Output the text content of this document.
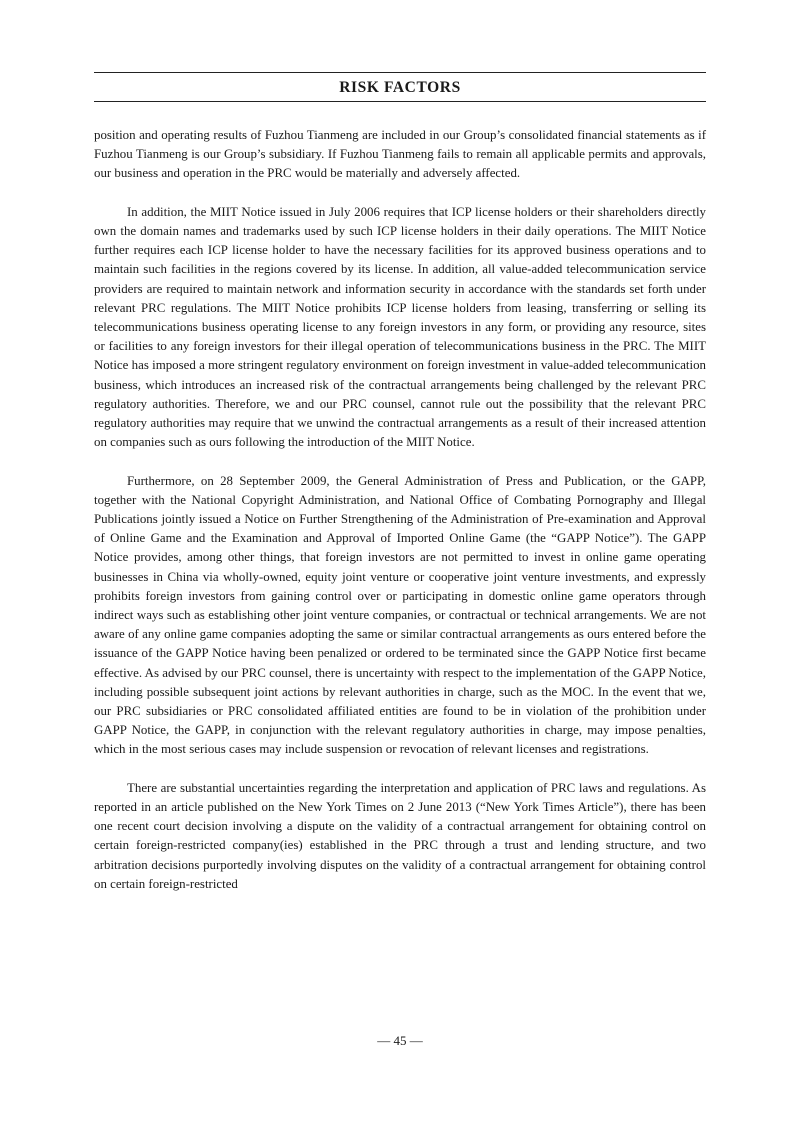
RISK FACTORS

position and operating results of Fuzhou Tianmeng are included in our Group’s consolidated financial statements as if Fuzhou Tianmeng is our Group’s subsidiary. If Fuzhou Tianmeng fails to remain all applicable permits and approvals, our business and operation in the PRC would be materially and adversely affected.

In addition, the MIIT Notice issued in July 2006 requires that ICP license holders or their shareholders directly own the domain names and trademarks used by such ICP license holders in their daily operations. The MIIT Notice further requires each ICP license holder to have the necessary facilities for its approved business operations and to maintain such facilities in the regions covered by its license. In addition, all value-added telecommunication service providers are required to maintain network and information security in accordance with the standards set forth under relevant PRC regulations. The MIIT Notice prohibits ICP license holders from leasing, transferring or selling its telecommunications business operating license to any foreign investors in any form, or providing any resource, sites or facilities to any foreign investors for their illegal operation of telecommunications business in the PRC. The MIIT Notice has imposed a more stringent regulatory environment on foreign investment in value-added telecommunication business, which introduces an increased risk of the contractual arrangements being challenged by the relevant PRC regulatory authorities. Therefore, we and our PRC counsel, cannot rule out the possibility that the relevant PRC regulatory authorities may require that we unwind the contractual arrangements as a result of their increased attention on companies such as ours following the introduction of the MIIT Notice.

Furthermore, on 28 September 2009, the General Administration of Press and Publication, or the GAPP, together with the National Copyright Administration, and National Office of Combating Pornography and Illegal Publications jointly issued a Notice on Further Strengthening of the Administration of Pre-examination and Approval of Online Game and the Examination and Approval of Imported Online Game (the “GAPP Notice”). The GAPP Notice provides, among other things, that foreign investors are not permitted to invest in online game operating businesses in China via wholly-owned, equity joint venture or cooperative joint venture investments, and expressly prohibits foreign investors from gaining control over or participating in domestic online game operators through indirect ways such as establishing other joint venture companies, or contractual or technical arrangements. We are not aware of any online game companies adopting the same or similar contractual arrangements as ours entered before the issuance of the GAPP Notice having been penalized or ordered to be terminated since the GAPP Notice first became effective. As advised by our PRC counsel, there is uncertainty with respect to the implementation of the GAPP Notice, including possible subsequent joint actions by relevant authorities in charge, such as the MOC. In the event that we, our PRC subsidiaries or PRC consolidated affiliated entities are found to be in violation of the prohibition under GAPP Notice, the GAPP, in conjunction with the relevant regulatory authorities in charge, may impose penalties, which in the most serious cases may include suspension or revocation of relevant licenses and registrations.

There are substantial uncertainties regarding the interpretation and application of PRC laws and regulations. As reported in an article published on the New York Times on 2 June 2013 (“New York Times Article”), there has been one recent court decision involving a dispute on the validity of a contractual arrangement for obtaining control on certain foreign-restricted company(ies) established in the PRC through a trust and lending structure, and two arbitration decisions purportedly involving disputes on the validity of a contractual arrangement for obtaining control on certain foreign-restricted

— 45 —
